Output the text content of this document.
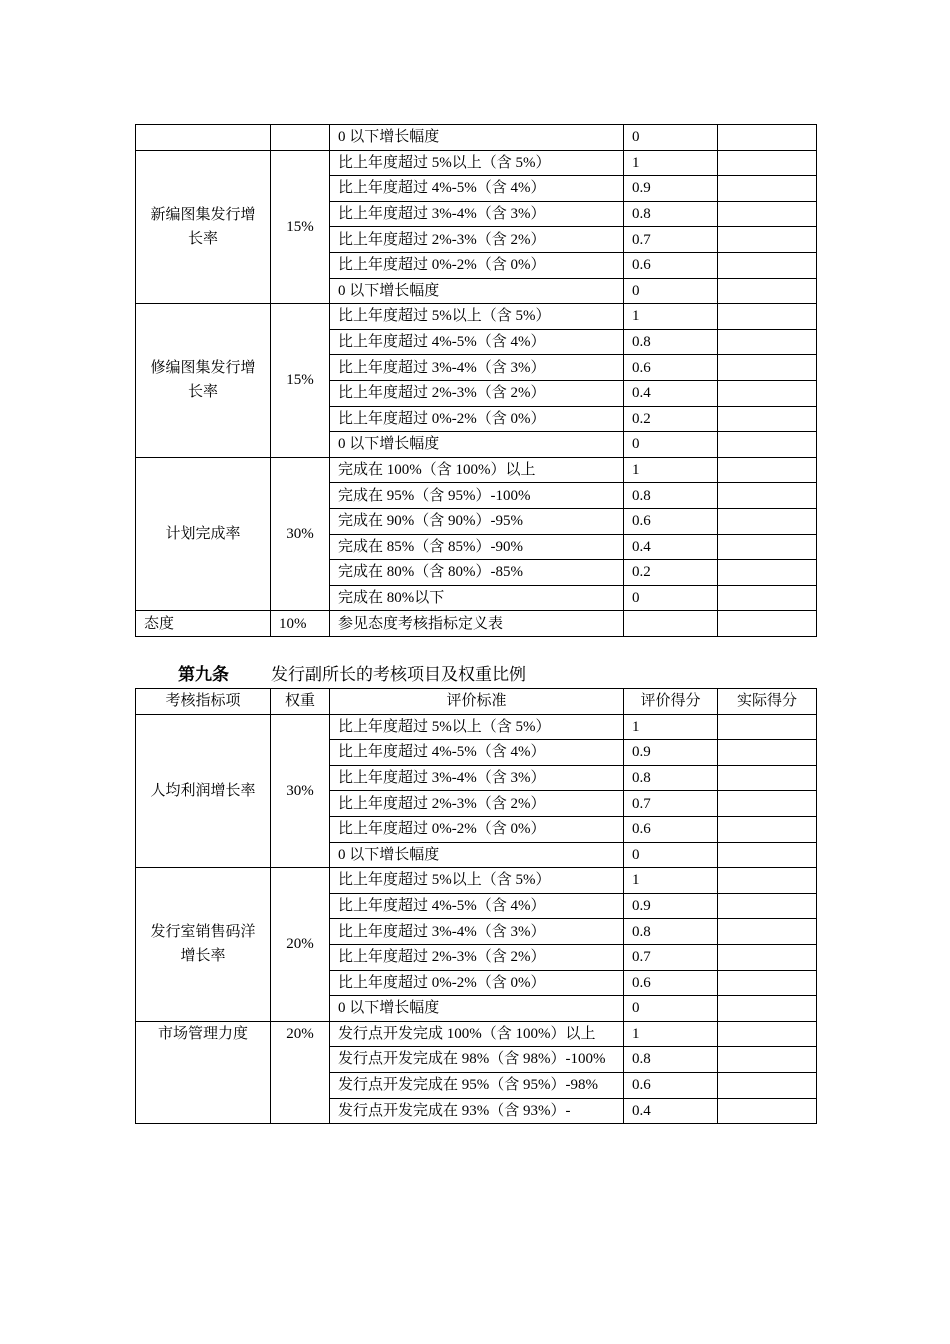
		0 以下增长幅度	0	
新编图集发行增长率	15%	比上年度超过 5%以上（含 5%）	1	
		比上年度超过 4%-5%（含 4%）	0.9	
		比上年度超过 3%-4%（含 3%）	0.8	
		比上年度超过 2%-3%（含 2%）	0.7	
		比上年度超过 0%-2%（含 0%）	0.6	
		0 以下增长幅度	0	
修编图集发行增长率	15%	比上年度超过 5%以上（含 5%）	1	
		比上年度超过 4%-5%（含 4%）	0.8	
		比上年度超过 3%-4%（含 3%）	0.6	
		比上年度超过 2%-3%（含 2%）	0.4	
		比上年度超过 0%-2%（含 0%）	0.2	
		0 以下增长幅度	0	
计划完成率	30%	完成在 100%（含 100%）以上	1	
		完成在 95%（含 95%）-100%	0.8	
		完成在 90%（含 90%）-95%	0.6	
		完成在 85%（含 85%）-90%	0.4	
		完成在 80%（含 80%）-85%	0.2	
		完成在 80%以下	0	
态度	10%	参见态度考核指标定义表		
第九条 发行副所长的考核项目及权重比例
考核指标项	权重	评价标准	评价得分	实际得分
人均利润增长率	30%	比上年度超过 5%以上（含 5%）	1	
		比上年度超过 4%-5%（含 4%）	0.9	
		比上年度超过 3%-4%（含 3%）	0.8	
		比上年度超过 2%-3%（含 2%）	0.7	
		比上年度超过 0%-2%（含 0%）	0.6	
		0 以下增长幅度	0	
发行室销售码洋增长率	20%	比上年度超过 5%以上（含 5%）	1	
		比上年度超过 4%-5%（含 4%）	0.9	
		比上年度超过 3%-4%（含 3%）	0.8	
		比上年度超过 2%-3%（含 2%）	0.7	
		比上年度超过 0%-2%（含 0%）	0.6	
		0 以下增长幅度	0	
市场管理力度	20%	发行点开发完成 100%（含 100%）以上	1	
		发行点开发完成在 98%（含 98%）-100%	0.8	
		发行点开发完成在 95%（含 95%）-98%	0.6	
		发行点开发完成在 93%（含 93%）-	0.4	
